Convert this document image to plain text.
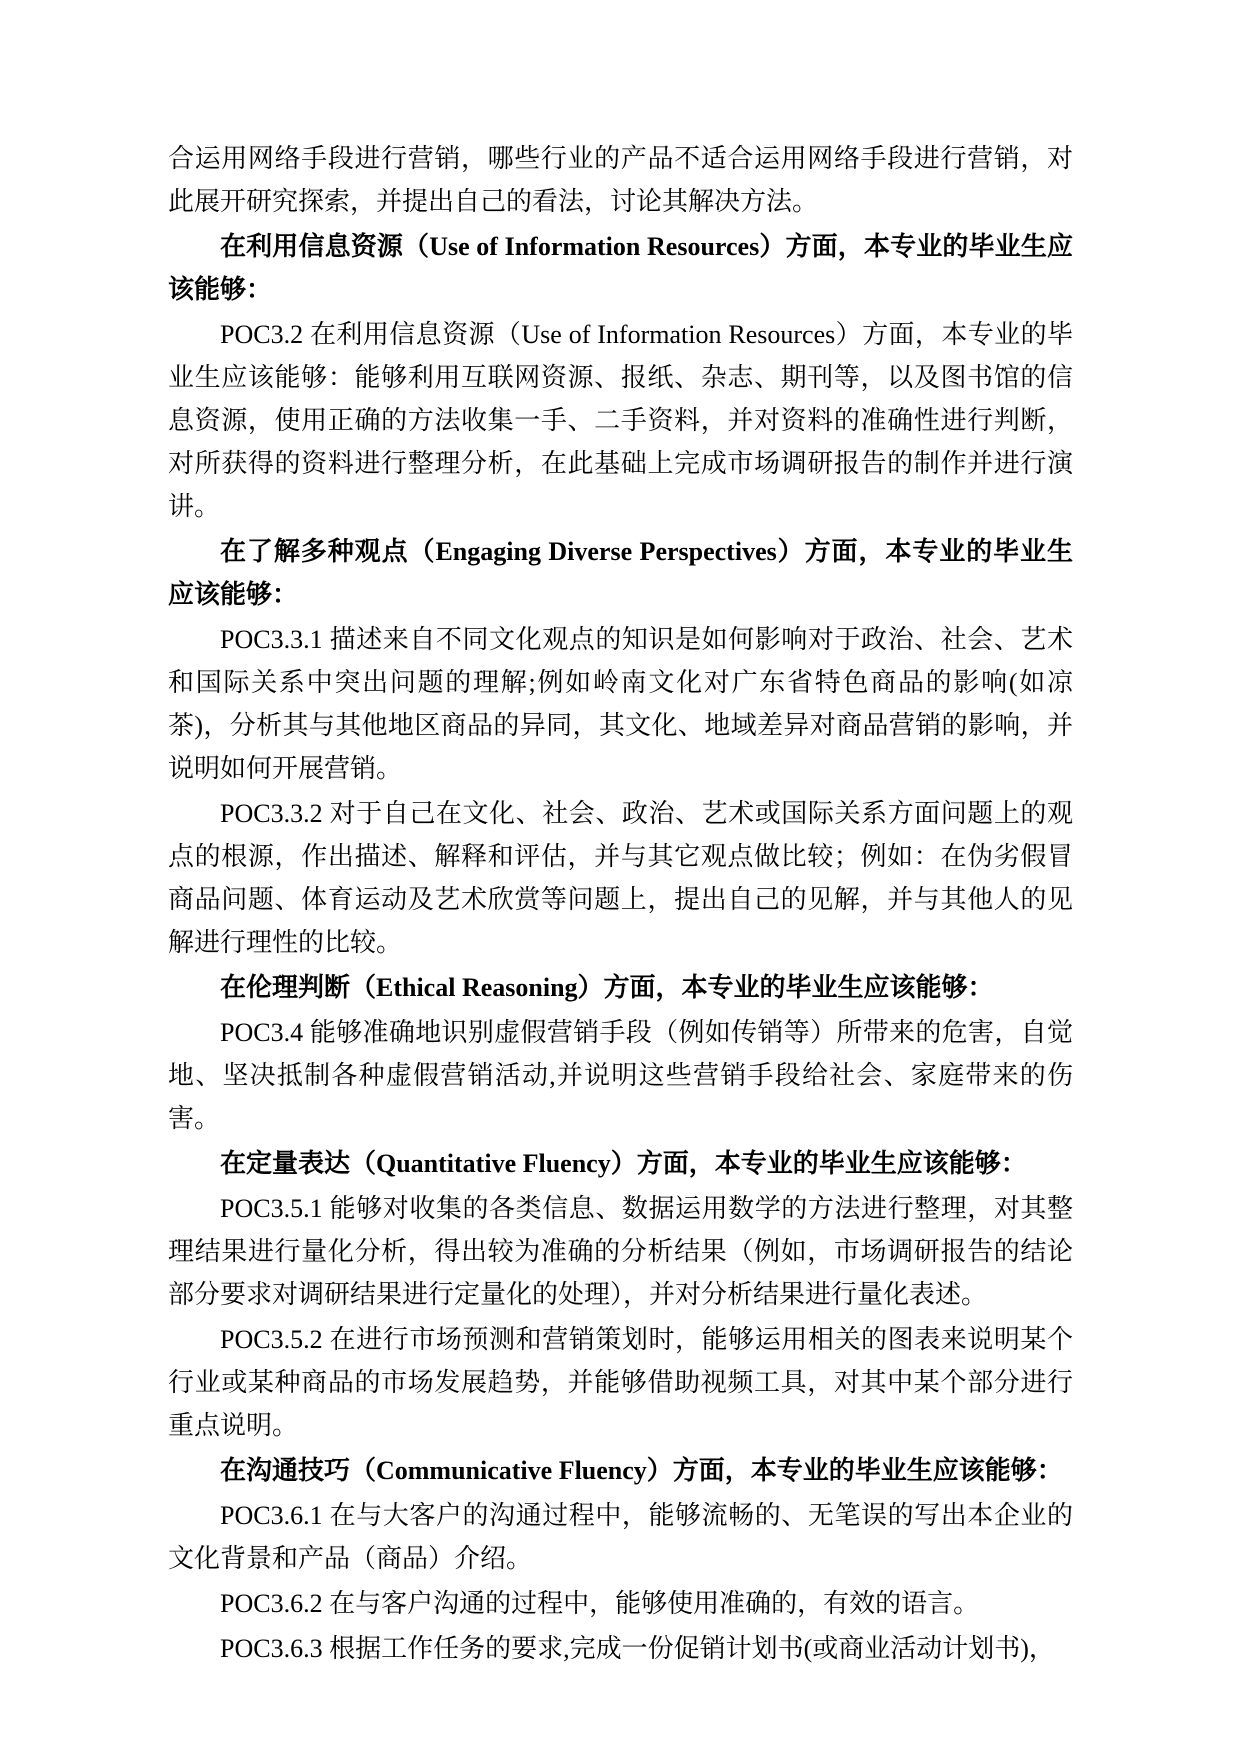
合运用网络手段进行营销，哪些行业的产品不适合运用网络手段进行营销，对此展开研究探索，并提出自己的看法，讨论其解决方法。

在利用信息资源（Use of Information Resources）方面，本专业的毕业生应该能够：

POC3.2 在利用信息资源（Use of Information Resources）方面，本专业的毕业生应该能够：能够利用互联网资源、报纸、杂志、期刊等，以及图书馆的信息资源，使用正确的方法收集一手、二手资料，并对资料的准确性进行判断，对所获得的资料进行整理分析，在此基础上完成市场调研报告的制作并进行演讲。

在了解多种观点（Engaging Diverse Perspectives）方面，本专业的毕业生应该能够：

POC3.3.1 描述来自不同文化观点的知识是如何影响对于政治、社会、艺术和国际关系中突出问题的理解;例如岭南文化对广东省特色商品的影响(如凉茶)，分析其与其他地区商品的异同，其文化、地域差异对商品营销的影响，并说明如何开展营销。

POC3.3.2 对于自己在文化、社会、政治、艺术或国际关系方面问题上的观点的根源，作出描述、解释和评估，并与其它观点做比较；例如：在伪劣假冒商品问题、体育运动及艺术欣赏等问题上，提出自己的见解，并与其他人的见解进行理性的比较。

在伦理判断（Ethical Reasoning）方面，本专业的毕业生应该能够：

POC3.4 能够准确地识别虚假营销手段（例如传销等）所带来的危害，自觉地、坚决抵制各种虚假营销活动,并说明这些营销手段给社会、家庭带来的伤害。

在定量表达（Quantitative Fluency）方面，本专业的毕业生应该能够：

POC3.5.1 能够对收集的各类信息、数据运用数学的方法进行整理，对其整理结果进行量化分析，得出较为准确的分析结果（例如，市场调研报告的结论部分要求对调研结果进行定量化的处理），并对分析结果进行量化表述。

POC3.5.2 在进行市场预测和营销策划时，能够运用相关的图表来说明某个行业或某种商品的市场发展趋势，并能够借助视频工具，对其中某个部分进行重点说明。

在沟通技巧（Communicative Fluency）方面，本专业的毕业生应该能够：

POC3.6.1 在与大客户的沟通过程中，能够流畅的、无笔误的写出本企业的文化背景和产品（商品）介绍。

POC3.6.2 在与客户沟通的过程中，能够使用准确的，有效的语言。

POC3.6.3 根据工作任务的要求,完成一份促销计划书(或商业活动计划书)，
